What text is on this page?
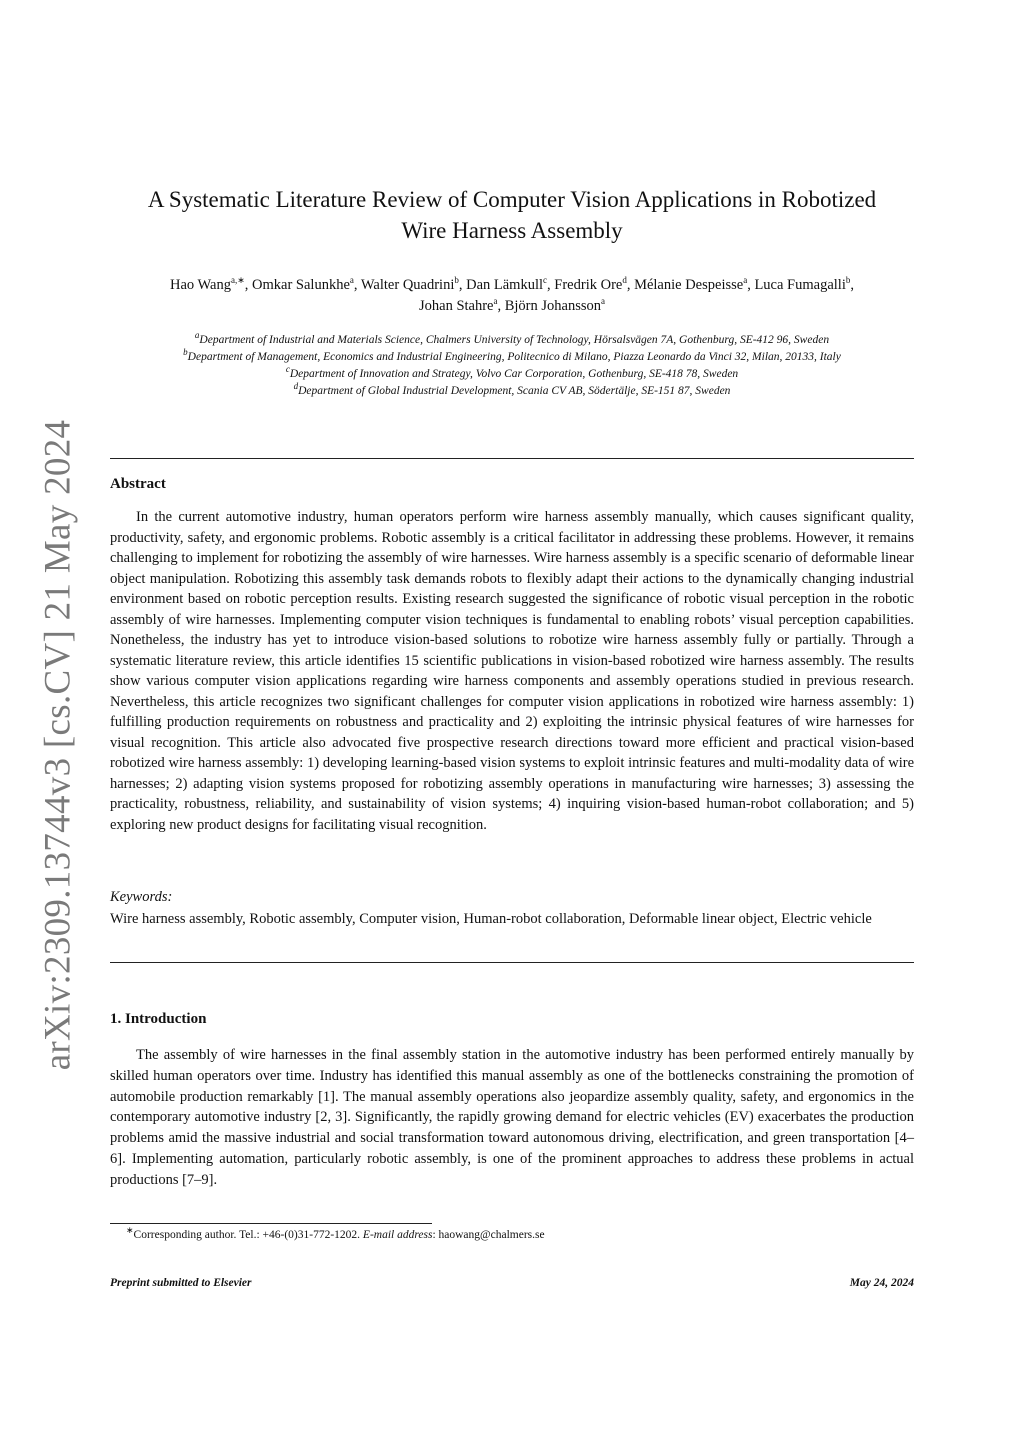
arXiv:2309.13744v3 [cs.CV] 21 May 2024
A Systematic Literature Review of Computer Vision Applications in Robotized
Wire Harness Assembly
Hao Wang$^{a,∗}$, Omkar Salunkhe$^a$, Walter Quadrini$^b$, Dan Lämkull$^c$, Fredrik Ore$^d$, Mélanie Despeisse$^a$, Luca Fumagalli$^b$,
Johan Stahre$^a$, Björn Johansson$^a$
$^a$Department of Industrial and Materials Science, Chalmers University of Technology, Hörsalsvägen 7A, Gothenburg, SE-412 96, Sweden
$^b$Department of Management, Economics and Industrial Engineering, Politecnico di Milano, Piazza Leonardo da Vinci 32, Milan, 20133, Italy
$^c$Department of Innovation and Strategy, Volvo Car Corporation, Gothenburg, SE-418 78, Sweden
$^d$Department of Global Industrial Development, Scania CV AB, Södertälje, SE-151 87, Sweden
Abstract

In the current automotive industry, human operators perform wire harness assembly manually, which causes significant quality, productivity, safety, and ergonomic problems. Robotic assembly is a critical facilitator in addressing these problems. However, it remains challenging to implement for robotizing the assembly of wire harnesses. Wire harness assembly is a specific scenario of deformable linear object manipulation. Robotizing this assembly task demands robots to flexibly adapt their actions to the dynamically changing industrial environment based on robotic perception results. Existing research suggested the significance of robotic visual perception in the robotic assembly of wire harnesses. Implementing computer vision techniques is fundamental to enabling robots’ visual perception capabilities. Nonetheless, the industry has yet to introduce vision-based solutions to robotize wire harness assembly fully or partially. Through a systematic literature review, this article identifies 15 scientific publications in vision-based robotized wire harness assembly. The results show various computer vision applications regarding wire harness components and assembly operations studied in previous research. Nevertheless, this article recognizes two significant challenges for computer vision applications in robotized wire harness assembly: 1) fulfilling production requirements on robustness and practicality and 2) exploiting the intrinsic physical features of wire harnesses for visual recognition. This article also advocated five prospective research directions toward more efficient and practical vision-based robotized wire harness assembly: 1) developing learning-based vision systems to exploit intrinsic features and multi-modality data of wire harnesses; 2) adapting vision systems proposed for robotizing assembly operations in manufacturing wire harnesses; 3) assessing the practicality, robustness, reliability, and sustainability of vision systems; 4) inquiring vision-based human-robot collaboration; and 5) exploring new product designs for facilitating visual recognition.

Keywords:

Wire harness assembly, Robotic assembly, Computer vision, Human-robot collaboration, Deformable linear object, Electric vehicle

1. Introduction

The assembly of wire harnesses in the final assembly station in the automotive industry has been performed entirely manually by skilled human operators over time. Industry has identified this manual assembly as one of the bottlenecks constraining the promotion of automobile production remarkably [1]. The manual assembly operations also jeopardize assembly quality, safety, and ergonomics in the contemporary automotive industry [2, 3]. Significantly, the rapidly growing demand for electric vehicles (EV) exacerbates the production problems amid the massive industrial and social transformation toward autonomous driving, electrification, and green transportation [4–6]. Implementing automation, particularly robotic assembly, is one of the prominent approaches to address these problems in actual productions [7–9].

∗Corresponding author. Tel.: +46-(0)31-772-1202. E-mail address: haowang@chalmers.se
Preprint submitted to Elsevier	May 24, 2024
